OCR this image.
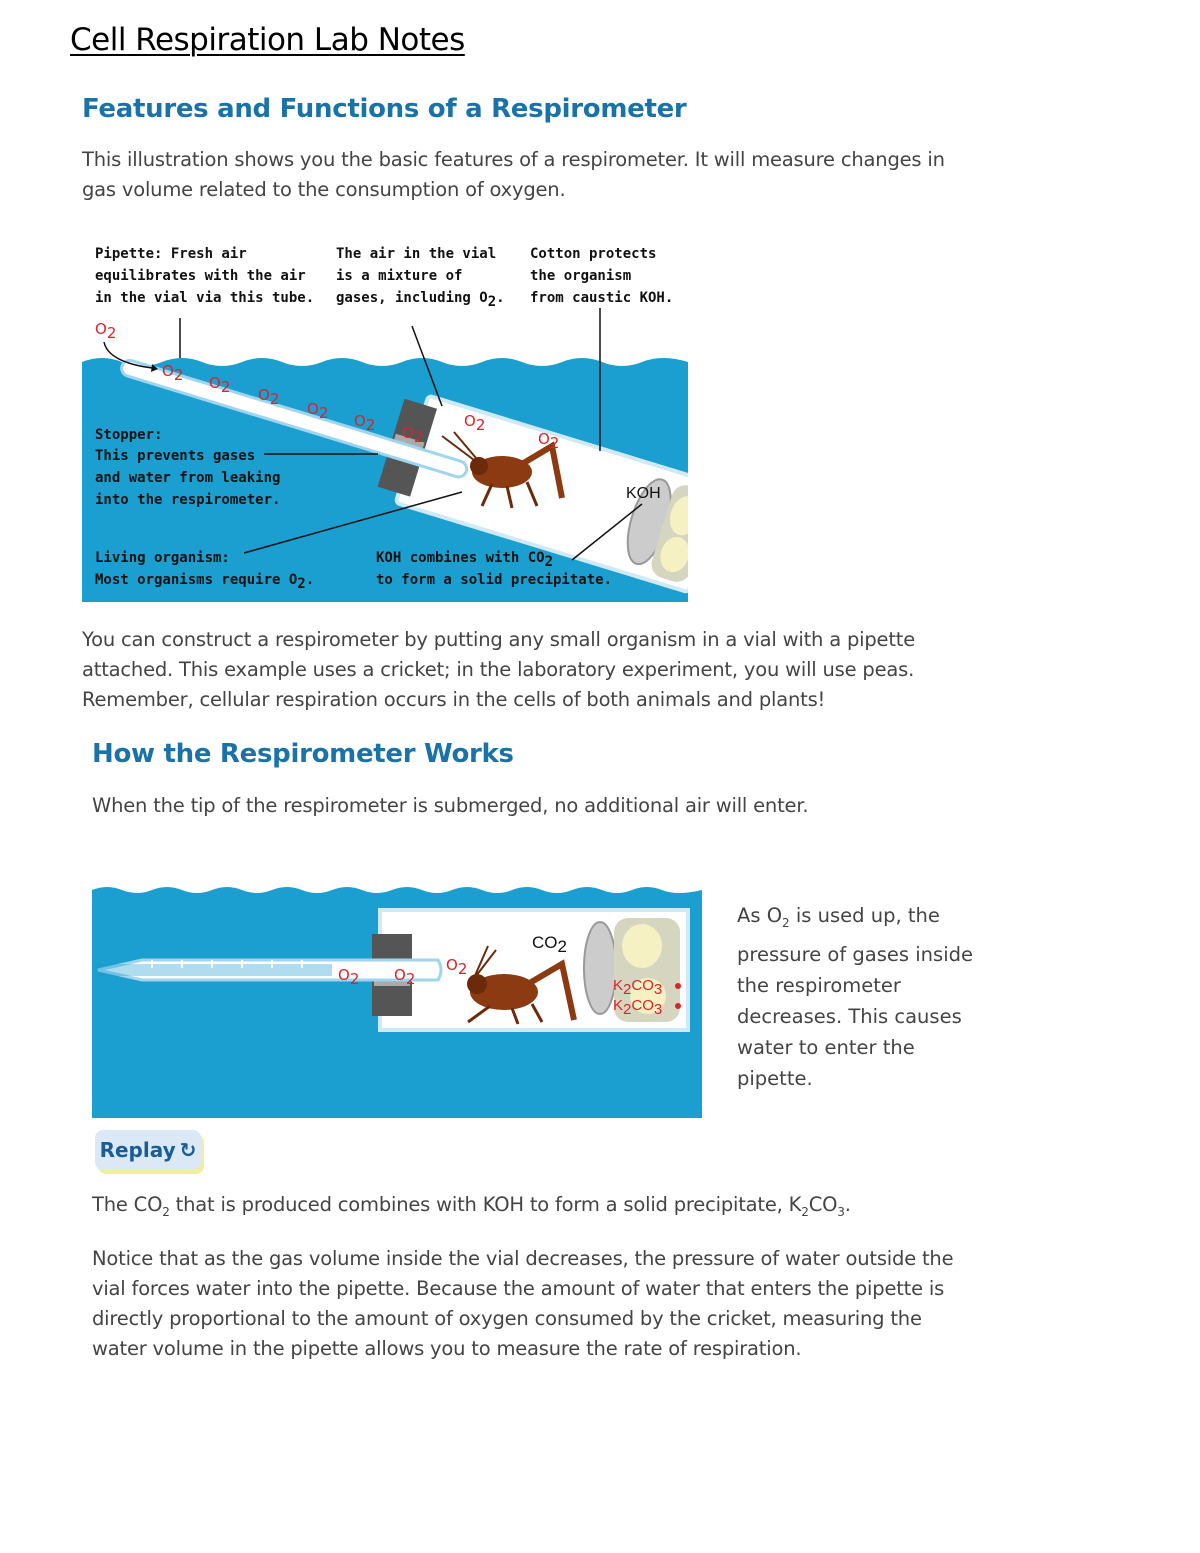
Cell Respiration Lab Notes
Features and Functions of a Respirometer
This illustration shows you the basic features of a respirometer. It will measure changes in gas volume related to the consumption of oxygen.
Pipette: Fresh air
equilibrates with the air
in the vial via this tube.
The air in the vial
is a mixture of
gases, including O2.
Cotton protects
the organism
from caustic KOH.
Stopper:
This prevents gases
and water from leaking
into the respirometer.
Living organism:
Most organisms require O2.
KOH combines with CO2
to form a solid precipitate.
KOH
O2
O2 O2 O2
O2 O2 O2
O2
O2
You can construct a respirometer by putting any small organism in a vial with a pipette attached. This example uses a cricket; in the laboratory experiment, you will use peas. Remember, cellular respiration occurs in the cells of both animals and plants!
How the Respirometer Works
When the tip of the respirometer is submerged, no additional air will enter.
CO2
K2CO3
K2CO3
O2 O2
O2
As $O_2$ is used up, the pressure of gases inside the respirometer decreases. This causes water to enter the pipette.
Replay ↻
The $CO_2$ that is produced combines with KOH to form a solid precipitate, $K_2CO_3$.
Notice that as the gas volume inside the vial decreases, the pressure of water outside the vial forces water into the pipette. Because the amount of water that enters the pipette is directly proportional to the amount of oxygen consumed by the cricket, measuring the water volume in the pipette allows you to measure the rate of respiration.
